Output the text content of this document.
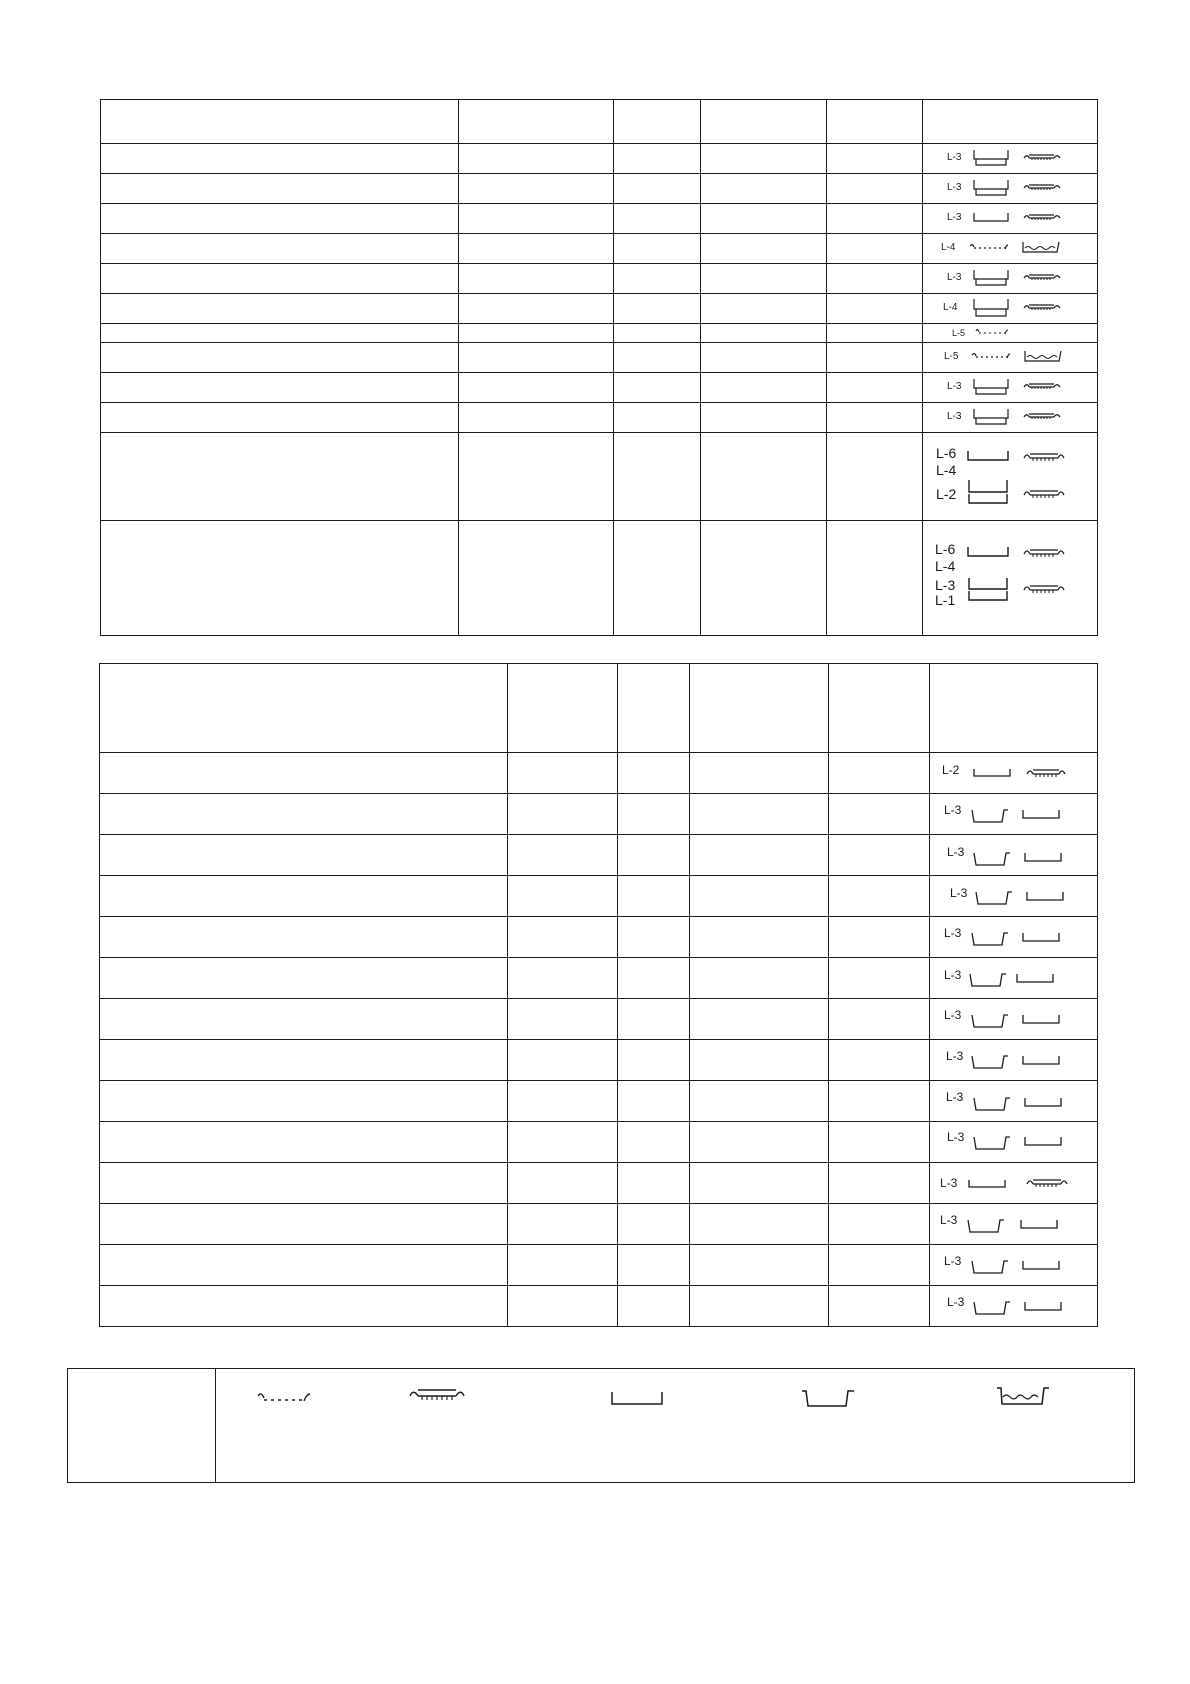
					L-3

					L-3

					L-3

					L-4

					L-3

					L-4

					L-5

					L-5

					L-3

					L-3

					L-6
L-4
L-2

					L-6
L-4
L-3
L-1

					L-2

					L-3

					L-3

					L-3

					L-3

					L-3

					L-3

					L-3

					L-3

					L-3

					L-3

					L-3

					L-3

					L-3
